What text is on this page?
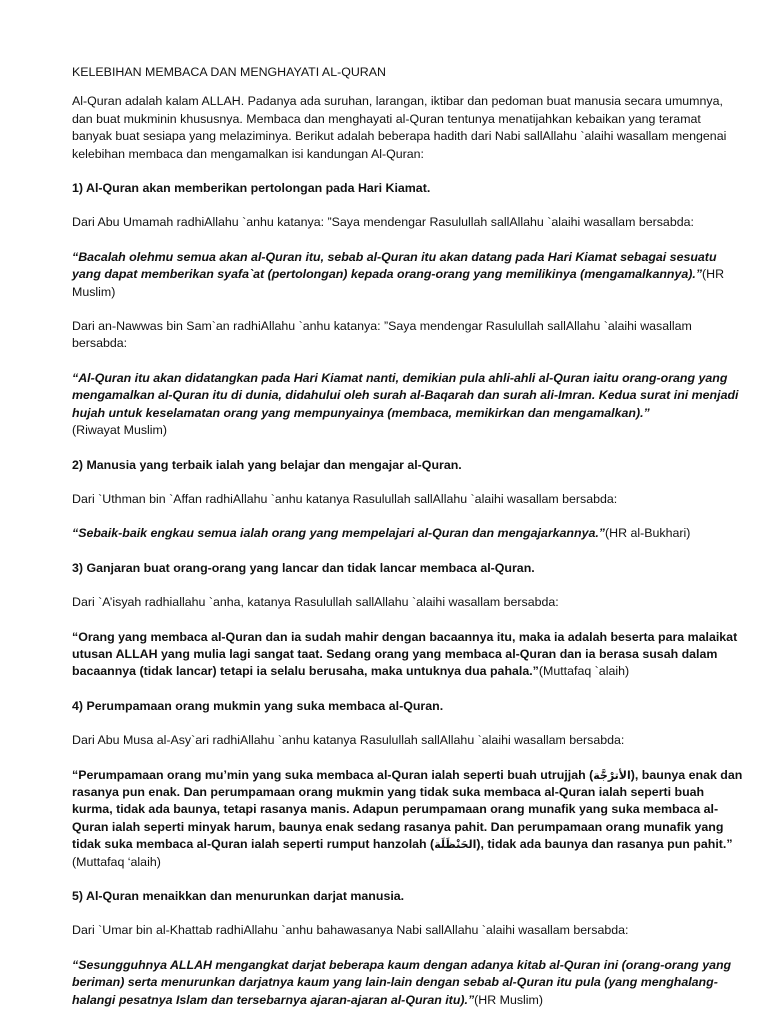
KELEBIHAN MEMBACA DAN MENGHAYATI AL-QURAN

Al-Quran adalah kalam ALLAH. Padanya ada suruhan, larangan, iktibar dan pedoman buat manusia secara umumnya, dan buat mukminin khususnya. Membaca dan menghayati al-Quran tentunya menatijahkan kebaikan yang teramat banyak buat sesiapa yang melaziminya. Berikut adalah beberapa hadith dari Nabi sallAllahu `alaihi wasallam mengenai kelebihan membaca dan mengamalkan isi kandungan Al-Quran:

1) Al-Quran akan memberikan pertolongan pada Hari Kiamat.

Dari Abu Umamah radhiAllahu `anhu katanya: ”Saya mendengar Rasulullah sallAllahu `alaihi wasallam bersabda:

“Bacalah olehmu semua akan al-Quran itu, sebab al-Quran itu akan datang pada Hari Kiamat sebagai sesuatu yang dapat memberikan syafa`at (pertolongan) kepada orang-orang yang memilikinya (mengamalkannya).”(HR Muslim)

Dari an-Nawwas bin Sam`an radhiAllahu `anhu katanya: ”Saya mendengar Rasulullah sallAllahu `alaihi wasallam bersabda:

“Al-Quran itu akan didatangkan pada Hari Kiamat nanti, demikian pula ahli-ahli al-Quran iaitu orang-orang yang mengamalkan al-Quran itu di dunia, didahului oleh surah al-Baqarah dan surah ali-Imran. Kedua surat ini menjadi hujah untuk keselamatan orang yang mempunyainya (membaca, memikirkan dan mengamalkan).”
(Riwayat Muslim)

2) Manusia yang terbaik ialah yang belajar dan mengajar al-Quran.

Dari `Uthman bin `Affan radhiAllahu `anhu katanya Rasulullah sallAllahu `alaihi wasallam bersabda:

“Sebaik-baik engkau semua ialah orang yang mempelajari al-Quran dan mengajarkannya.”(HR al-Bukhari)

3) Ganjaran buat orang-orang yang lancar dan tidak lancar membaca al-Quran.

Dari `A’isyah radhiallahu `anha, katanya Rasulullah sallAllahu `alaihi wasallam bersabda:

“Orang yang membaca al-Quran dan ia sudah mahir dengan bacaannya itu, maka ia adalah beserta para malaikat utusan ALLAH yang mulia lagi sangat taat. Sedang orang yang membaca al-Quran dan ia berasa susah dalam bacaannya (tidak lancar) tetapi ia selalu berusaha, maka untuknya dua pahala.”(Muttafaq `alaih)

4) Perumpamaan orang mukmin yang suka membaca al-Quran.

Dari Abu Musa al-Asy`ari radhiAllahu `anhu katanya Rasulullah sallAllahu `alaihi wasallam bersabda:

“Perumpamaan orang mu’min yang suka membaca al-Quran ialah seperti buah utrujjah (الأترْجَّة), baunya enak dan rasanya pun enak. Dan perumpamaan orang mukmin yang tidak suka membaca al-Quran ialah seperti buah kurma, tidak ada baunya, tetapi rasanya manis. Adapun perumpamaan orang munafik yang suka membaca al-Quran ialah seperti minyak harum, baunya enak sedang rasanya pahit. Dan perumpamaan orang munafik yang tidak suka membaca al-Quran ialah seperti rumput hanzolah (الحَنْظَلَة), tidak ada baunya dan rasanya pun pahit.”
(Muttafaq ‘alaih)

5) Al-Quran menaikkan dan menurunkan darjat manusia.

Dari `Umar bin al-Khattab radhiAllahu `anhu bahawasanya Nabi sallAllahu `alaihi wasallam bersabda:

“Sesungguhnya ALLAH mengangkat darjat beberapa kaum dengan adanya kitab al-Quran ini (orang-orang yang beriman) serta menurunkan darjatnya kaum yang lain-lain dengan sebab al-Quran itu pula (yang menghalang-halangi pesatnya Islam dan tersebarnya ajaran-ajaran al-Quran itu).”(HR Muslim)
